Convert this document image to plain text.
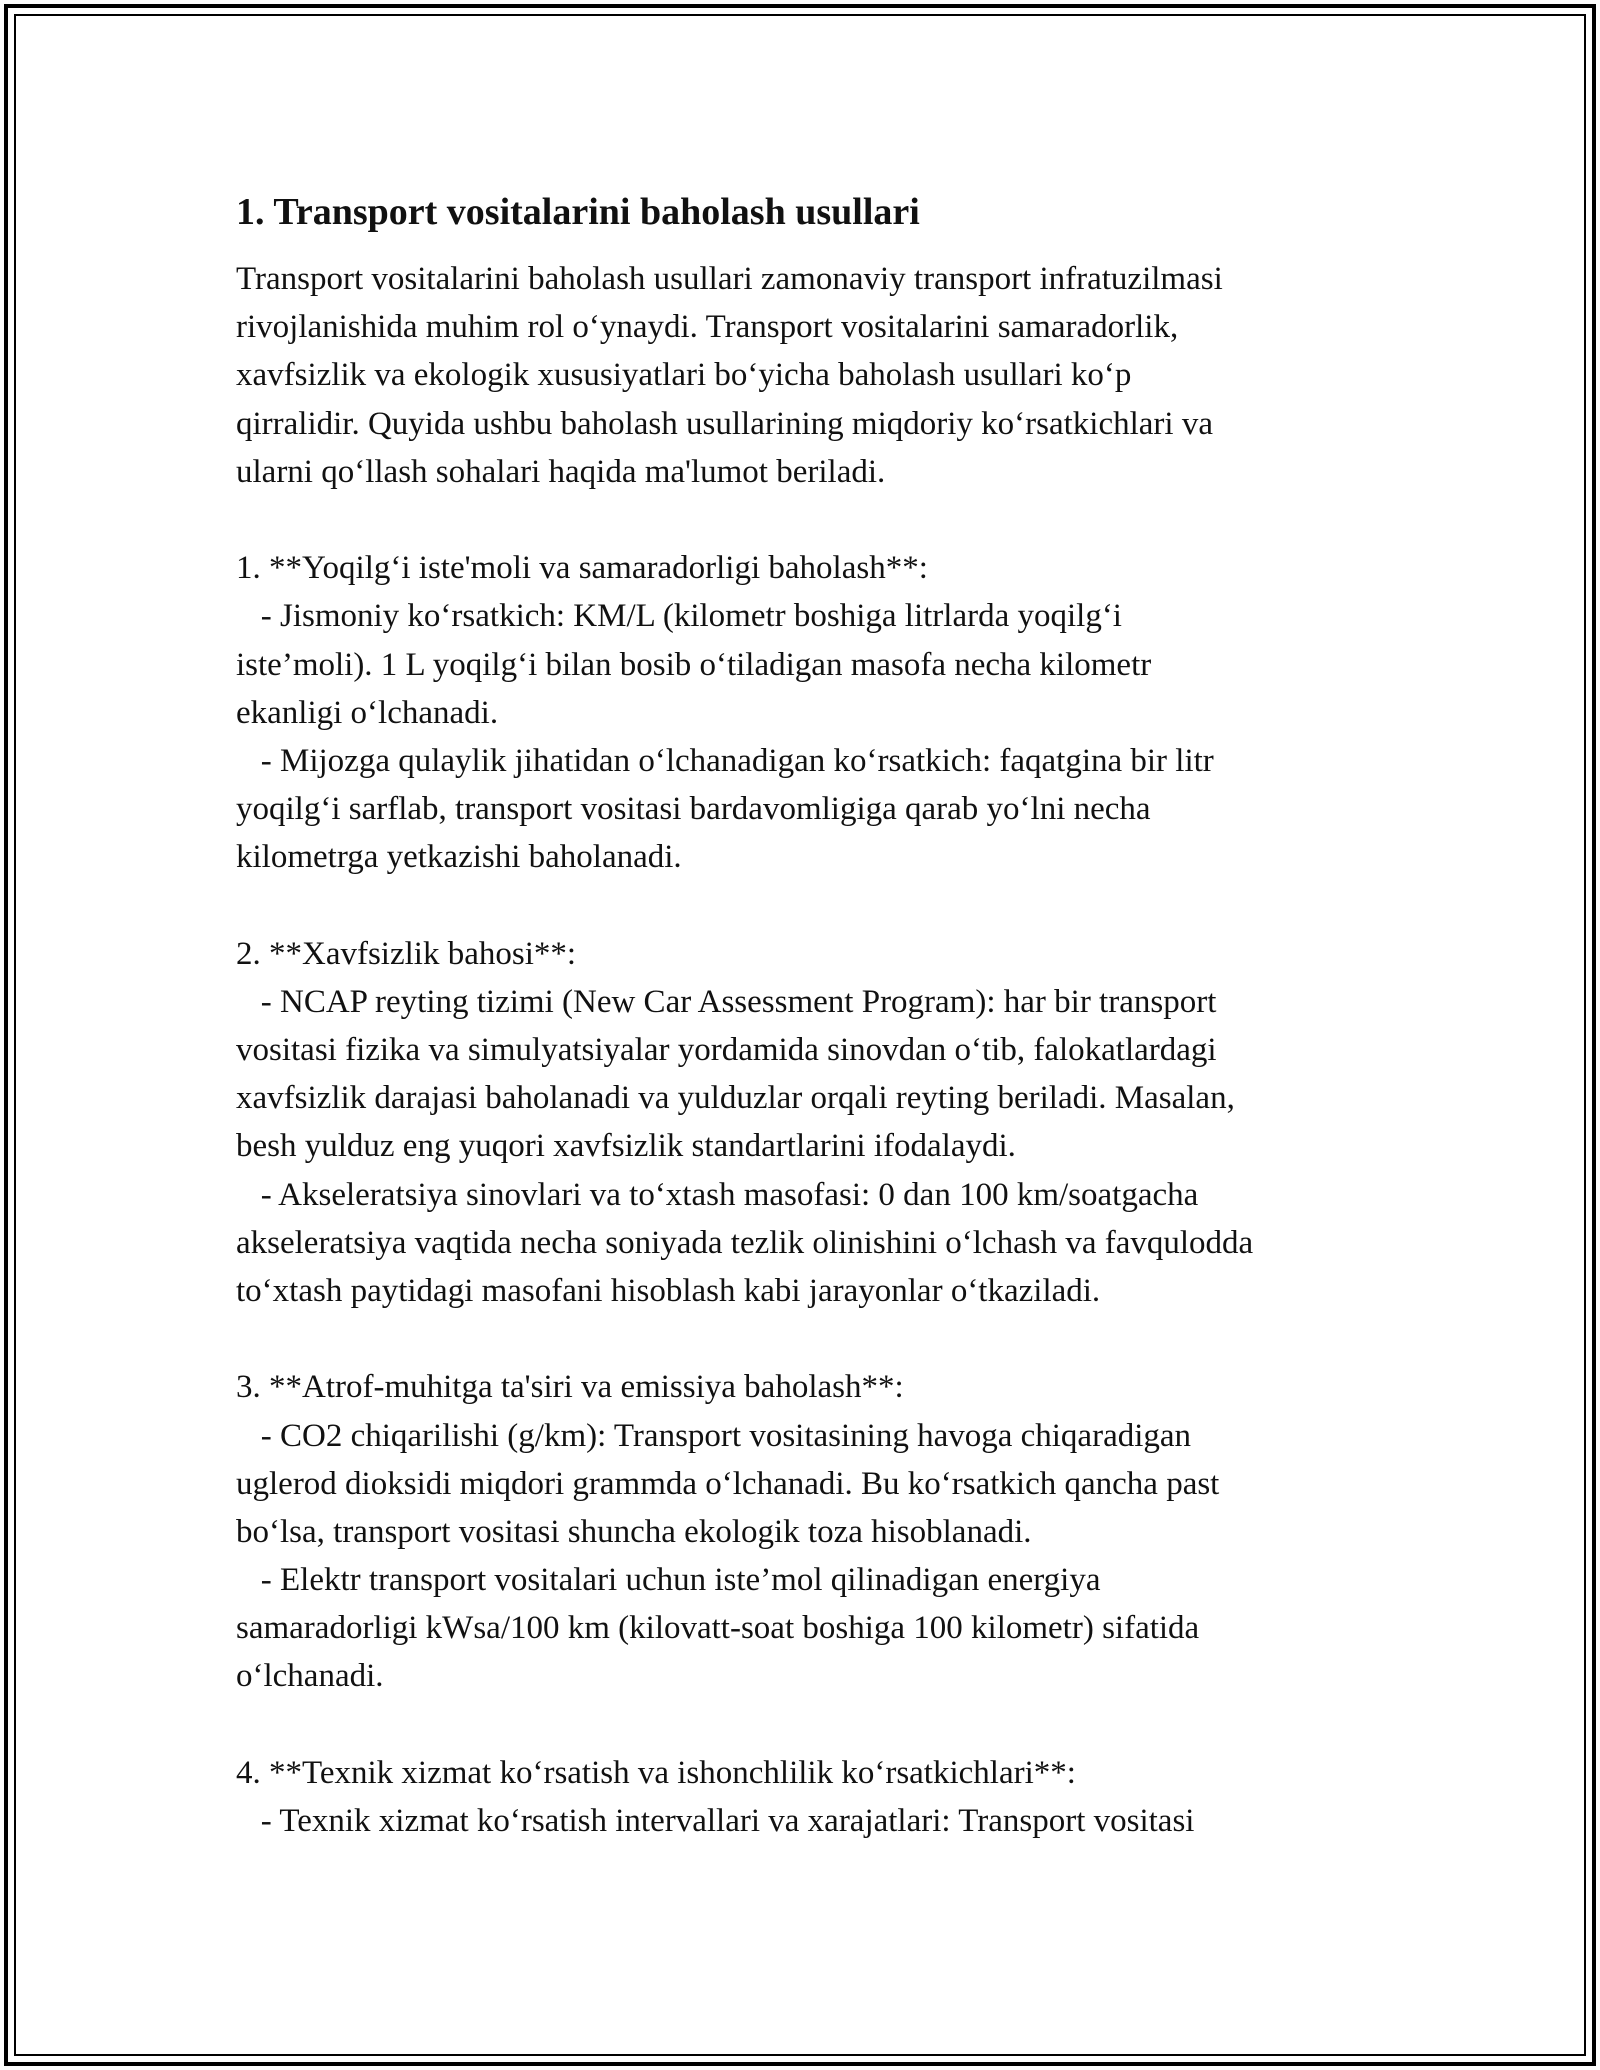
1. Transport vositalarini baholash usullari
Transport vositalarini baholash usullari zamonaviy transport infratuzilmasi
rivojlanishida muhim rol o‘ynaydi. Transport vositalarini samaradorlik,
xavfsizlik va ekologik xususiyatlari bo‘yicha baholash usullari ko‘p
qirralidir. Quyida ushbu baholash usullarining miqdoriy ko‘rsatkichlari va
ularni qo‘llash sohalari haqida ma'lumot beriladi.
1. **Yoqilg‘i iste'moli va samaradorligi baholash**:
- Jismoniy ko‘rsatkich: KM/L (kilometr boshiga litrlarda yoqilg‘i
iste’moli). 1 L yoqilg‘i bilan bosib o‘tiladigan masofa necha kilometr
ekanligi o‘lchanadi.
- Mijozga qulaylik jihatidan o‘lchanadigan ko‘rsatkich: faqatgina bir litr
yoqilg‘i sarflab, transport vositasi bardavomligiga qarab yo‘lni necha
kilometrga yetkazishi baholanadi.
2. **Xavfsizlik bahosi**:
- NCAP reyting tizimi (New Car Assessment Program): har bir transport
vositasi fizika va simulyatsiyalar yordamida sinovdan o‘tib, falokatlardagi
xavfsizlik darajasi baholanadi va yulduzlar orqali reyting beriladi. Masalan,
besh yulduz eng yuqori xavfsizlik standartlarini ifodalaydi.
- Akseleratsiya sinovlari va to‘xtash masofasi: 0 dan 100 km/soatgacha
akseleratsiya vaqtida necha soniyada tezlik olinishini o‘lchash va favqulodda
to‘xtash paytidagi masofani hisoblash kabi jarayonlar o‘tkaziladi.
3. **Atrof-muhitga ta'siri va emissiya baholash**:
- CO2 chiqarilishi (g/km): Transport vositasining havoga chiqaradigan
uglerod dioksidi miqdori grammda o‘lchanadi. Bu ko‘rsatkich qancha past
bo‘lsa, transport vositasi shuncha ekologik toza hisoblanadi.
- Elektr transport vositalari uchun iste’mol qilinadigan energiya
samaradorligi kWsa/100 km (kilovatt-soat boshiga 100 kilometr) sifatida
o‘lchanadi.
4. **Texnik xizmat ko‘rsatish va ishonchlilik ko‘rsatkichlari**:
- Texnik xizmat ko‘rsatish intervallari va xarajatlari: Transport vositasi
